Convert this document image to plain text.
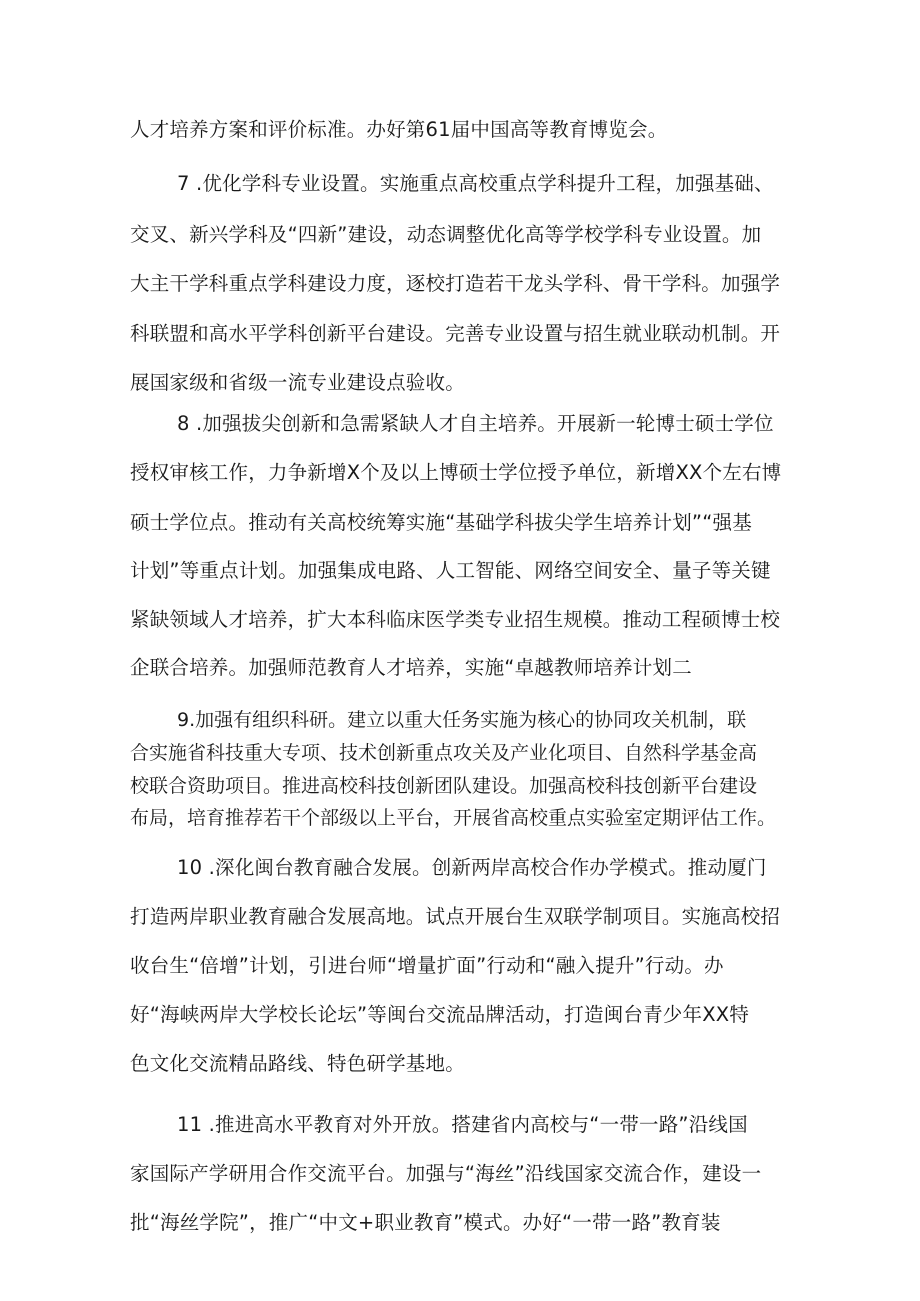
人才培养方案和评价标准。办好第61届中国高等教育博览会。
7 .优化学科专业设置。实施重点高校重点学科提升工程，加强基础、
交叉、新兴学科及“四新”建设，动态调整优化高等学校学科专业设置。加
大主干学科重点学科建设力度，逐校打造若干龙头学科、骨干学科。加强学
科联盟和高水平学科创新平台建设。完善专业设置与招生就业联动机制。开
展国家级和省级一流专业建设点验收。
8 .加强拔尖创新和急需紧缺人才自主培养。开展新一轮博士硕士学位
授权审核工作，力争新增X个及以上博硕士学位授予单位，新增XX个左右博
硕士学位点。推动有关高校统筹实施“基础学科拔尖学生培养计划”“强基
计划”等重点计划。加强集成电路、人工智能、网络空间安全、量子等关键
紧缺领域人才培养，扩大本科临床医学类专业招生规模。推动工程硕博士校
企联合培养。加强师范教育人才培养，实施“卓越教师培养计划二
9.加强有组织科研。建立以重大任务实施为核心的协同攻关机制，联
合实施省科技重大专项、技术创新重点攻关及产业化项目、自然科学基金高
校联合资助项目。推进高校科技创新团队建设。加强高校科技创新平台建设
布局，培育推荐若干个部级以上平台，开展省高校重点实验室定期评估工作。
10 .深化闽台教育融合发展。创新两岸高校合作办学模式。推动厦门
打造两岸职业教育融合发展高地。试点开展台生双联学制项目。实施高校招
收台生“倍增”计划，引进台师“增量扩面”行动和“融入提升”行动。办
好“海峡两岸大学校长论坛”等闽台交流品牌活动，打造闽台青少年XX特
色文化交流精品路线、特色研学基地。
11 .推进高水平教育对外开放。搭建省内高校与“一带一路”沿线国
家国际产学研用合作交流平台。加强与“海丝”沿线国家交流合作，建设一
批“海丝学院”，推广“中文+职业教育”模式。办好“一带一路”教育装
